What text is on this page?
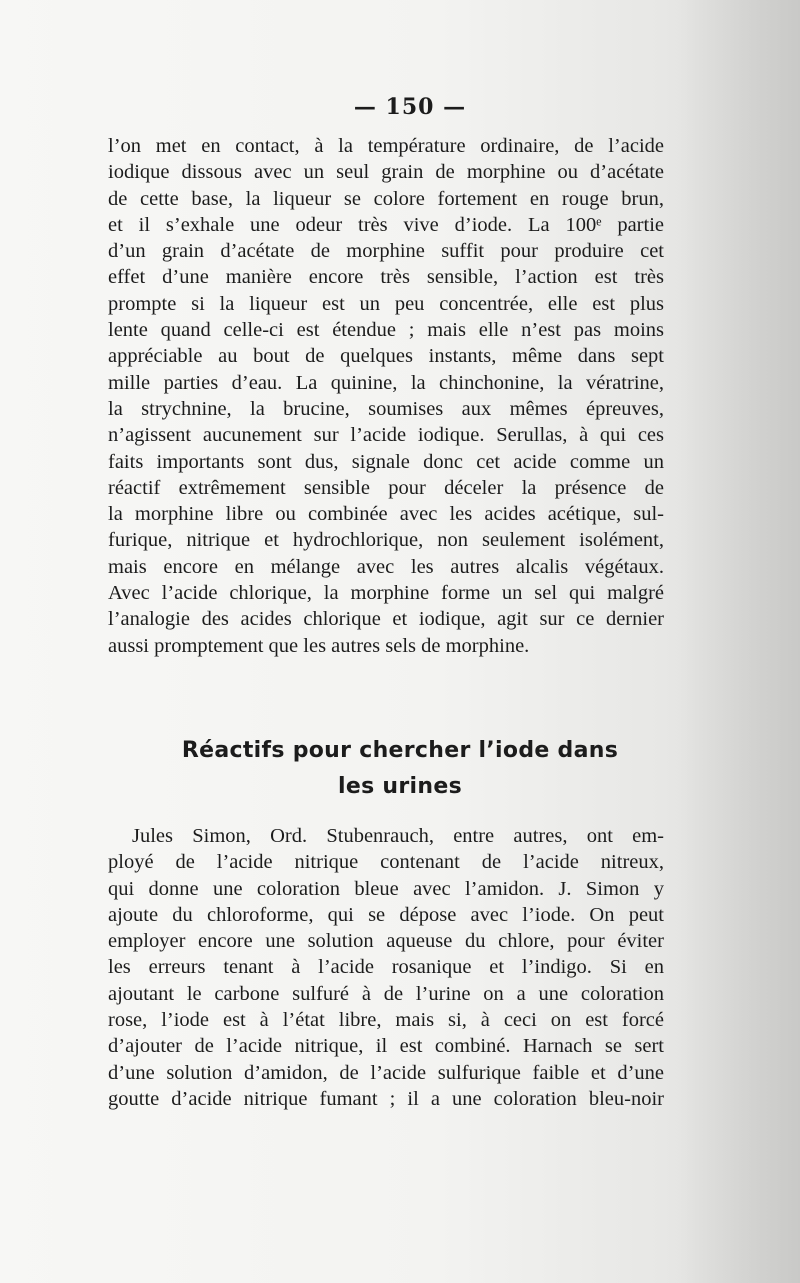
— 150 —
l’on met en contact, à la température ordinaire, de l’acide
iodique dissous avec un seul grain de morphine ou d’acétate
de cette base, la liqueur se colore fortement en rouge brun,
et il s’exhale une odeur très vive d’iode. La 100ᵉ partie
d’un grain d’acétate de morphine suffit pour produire cet
effet d’une manière encore très sensible, l’action est très
prompte si la liqueur est un peu concentrée, elle est plus
lente quand celle-ci est étendue ; mais elle n’est pas moins
appréciable au bout de quelques instants, même dans sept
mille parties d’eau. La quinine, la chinchonine, la vératrine,
la strychnine, la brucine, soumises aux mêmes épreuves,
n’agissent aucunement sur l’acide iodique. Serullas, à qui ces
faits importants sont dus, signale donc cet acide comme un
réactif extrêmement sensible pour déceler la présence de
la morphine libre ou combinée avec les acides acétique, sul-
furique, nitrique et hydrochlorique, non seulement isolément,
mais encore en mélange avec les autres alcalis végétaux.
Avec l’acide chlorique, la morphine forme un sel qui malgré
l’analogie des acides chlorique et iodique, agit sur ce dernier
aussi promptement que les autres sels de morphine.
Réactifs pour chercher l’iode dans
les urines
Jules Simon, Ord. Stubenrauch, entre autres, ont em-
ployé de l’acide nitrique contenant de l’acide nitreux,
qui donne une coloration bleue avec l’amidon. J. Simon y
ajoute du chloroforme, qui se dépose avec l’iode. On peut
employer encore une solution aqueuse du chlore, pour éviter
les erreurs tenant à l’acide rosanique et l’indigo. Si en
ajoutant le carbone sulfuré à de l’urine on a une coloration
rose, l’iode est à l’état libre, mais si, à ceci on est forcé
d’ajouter de l’acide nitrique, il est combiné. Harnach se sert
d’une solution d’amidon, de l’acide sulfurique faible et d’une
goutte d’acide nitrique fumant ; il a une coloration bleu-noir
